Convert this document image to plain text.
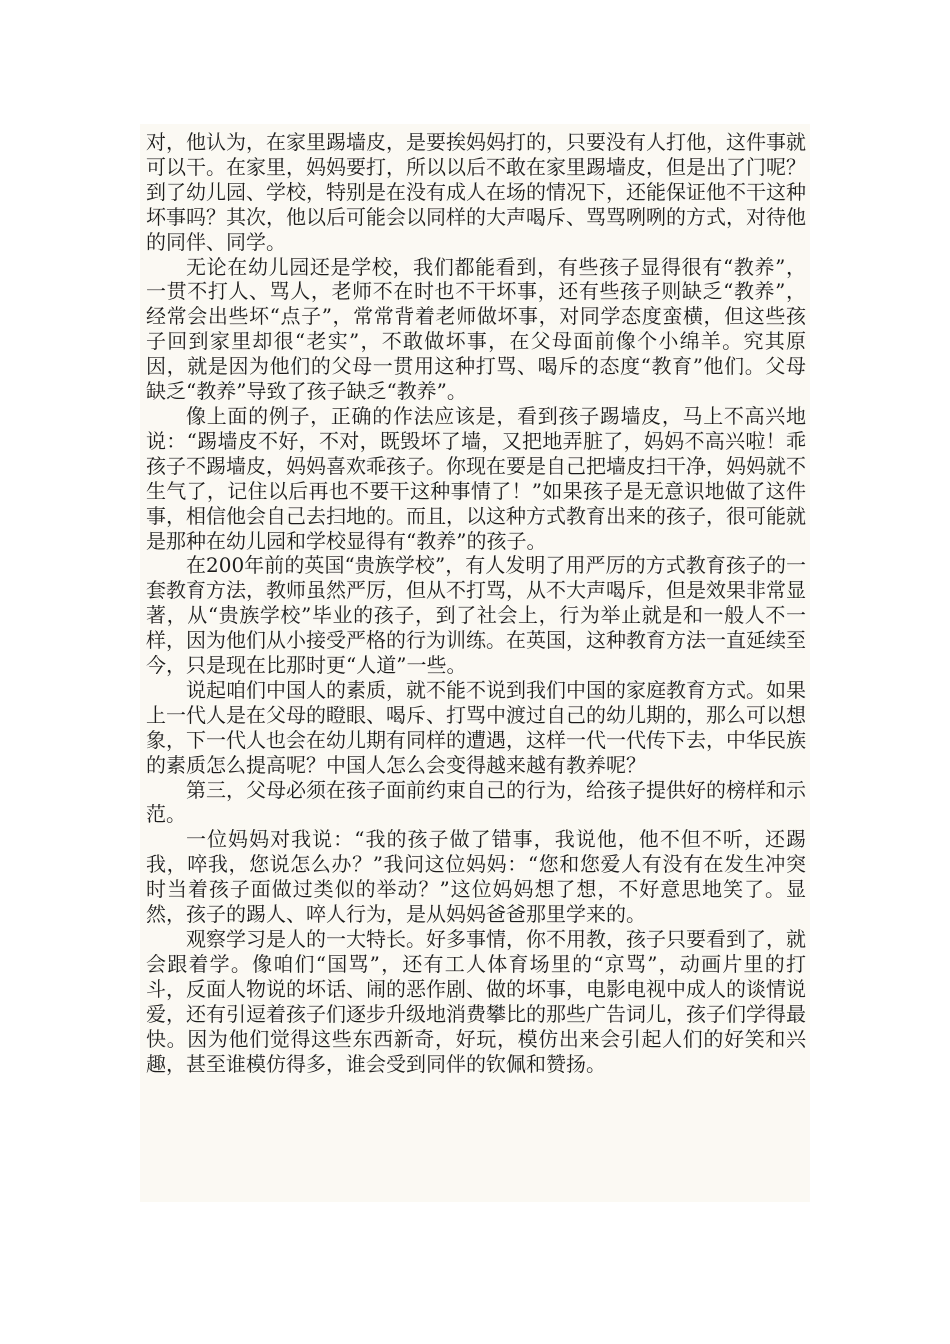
对，他认为，在家里踢墙皮，是要挨妈妈打的，只要没有人打他，这件事就可以干。在家里，妈妈要打，所以以后不敢在家里踢墙皮，但是出了门呢？到了幼儿园、学校，特别是在没有成人在场的情况下，还能保证他不干这种坏事吗？其次，他以后可能会以同样的大声喝斥、骂骂咧咧的方式，对待他的同伴、同学。

无论在幼儿园还是学校，我们都能看到，有些孩子显得很有“教养”，一贯不打人、骂人，老师不在时也不干坏事，还有些孩子则缺乏“教养”，经常会出些坏“点子”，常常背着老师做坏事，对同学态度蛮横，但这些孩子回到家里却很“老实”，不敢做坏事，在父母面前像个小绵羊。究其原因，就是因为他们的父母一贯用这种打骂、喝斥的态度“教育”他们。父母缺乏“教养”导致了孩子缺乏“教养”。

像上面的例子，正确的作法应该是，看到孩子踢墙皮，马上不高兴地说：“踢墙皮不好，不对，既毁坏了墙，又把地弄脏了，妈妈不高兴啦！乖孩子不踢墙皮，妈妈喜欢乖孩子。你现在要是自己把墙皮扫干净，妈妈就不生气了，记住以后再也不要干这种事情了！”如果孩子是无意识地做了这件事，相信他会自己去扫地的。而且，以这种方式教育出来的孩子，很可能就是那种在幼儿园和学校显得有“教养”的孩子。

在200年前的英国“贵族学校”，有人发明了用严厉的方式教育孩子的一套教育方法，教师虽然严厉，但从不打骂，从不大声喝斥，但是效果非常显著，从“贵族学校”毕业的孩子，到了社会上，行为举止就是和一般人不一样，因为他们从小接受严格的行为训练。在英国，这种教育方法一直延续至今，只是现在比那时更“人道”一些。

说起咱们中国人的素质，就不能不说到我们中国的家庭教育方式。如果上一代人是在父母的瞪眼、喝斥、打骂中渡过自己的幼儿期的，那么可以想象，下一代人也会在幼儿期有同样的遭遇，这样一代一代传下去，中华民族的素质怎么提高呢？中国人怎么会变得越来越有教养呢？

第三，父母必须在孩子面前约束自己的行为，给孩子提供好的榜样和示范。

一位妈妈对我说：“我的孩子做了错事，我说他，他不但不听，还踢我，啐我，您说怎么办？”我问这位妈妈：“您和您爱人有没有在发生冲突时当着孩子面做过类似的举动？”这位妈妈想了想，不好意思地笑了。显然，孩子的踢人、啐人行为，是从妈妈爸爸那里学来的。

观察学习是人的一大特长。好多事情，你不用教，孩子只要看到了，就会跟着学。像咱们“国骂”，还有工人体育场里的“京骂”，动画片里的打斗，反面人物说的坏话、闹的恶作剧、做的坏事，电影电视中成人的谈情说爱，还有引逗着孩子们逐步升级地消费攀比的那些广告词儿，孩子们学得最快。因为他们觉得这些东西新奇，好玩，模仿出来会引起人们的好笑和兴趣，甚至谁模仿得多，谁会受到同伴的钦佩和赞扬。
